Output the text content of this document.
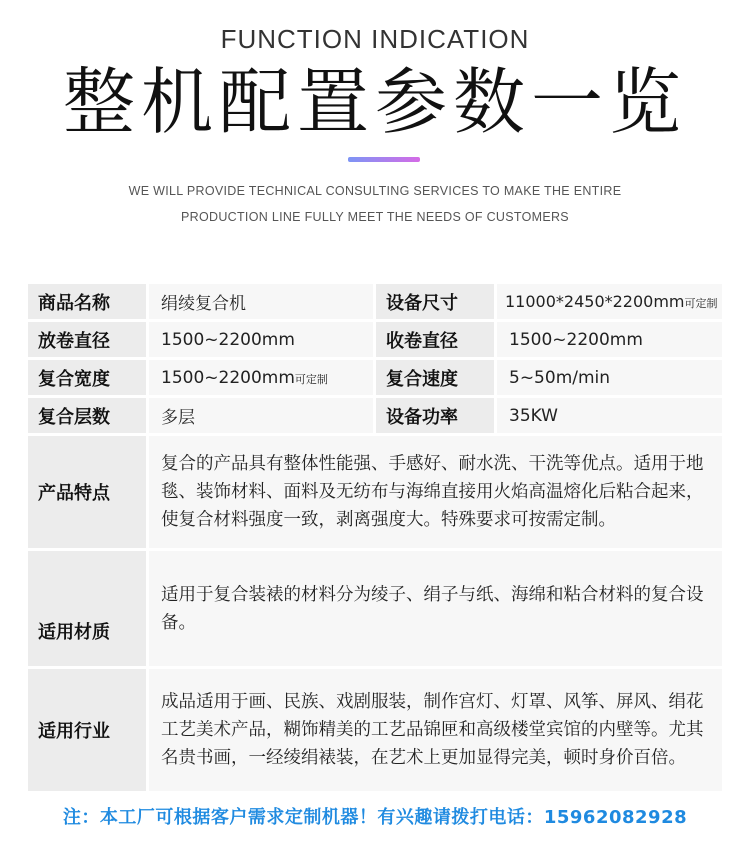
FUNCTION INDICATION
整机配置参数一览
WE WILL PROVIDE TECHNICAL CONSULTING SERVICES TO MAKE THE ENTIRE
PRODUCTION LINE FULLY MEET THE NEEDS OF CUSTOMERS
商品名称		绢绫复合机		设备尺寸		11000*2450*2200mm可定制
放卷直径		1500~2200mm		收卷直径		1500~2200mm
复合宽度		1500~2200mm可定制		复合速度		5~50m/min
复合层数		多层		设备功率		35KW
产品特点		复合的产品具有整体性能强、手感好、耐水洗、干洗等优点。适用于地毯、装饰材料、面料及无纺布与海绵直接用火焰高温熔化后粘合起来，使复合材料强度一致，剥离强度大。特殊要求可按需定制。				
适用材质		适用于复合装裱的材料分为绫子、绢子与纸、海绵和粘合材料的复合设备。				
适用行业		成品适用于画、民族、戏剧服装，制作宫灯、灯罩、风筝、屏风、绢花工艺美术产品，糊饰精美的工艺品锦匣和高级楼堂宾馆的内壁等。尤其名贵书画，一经绫绢裱装，在艺术上更加显得完美，顿时身价百倍。				
注：本工厂可根据客户需求定制机器！有兴趣请拨打电话：15962082928
